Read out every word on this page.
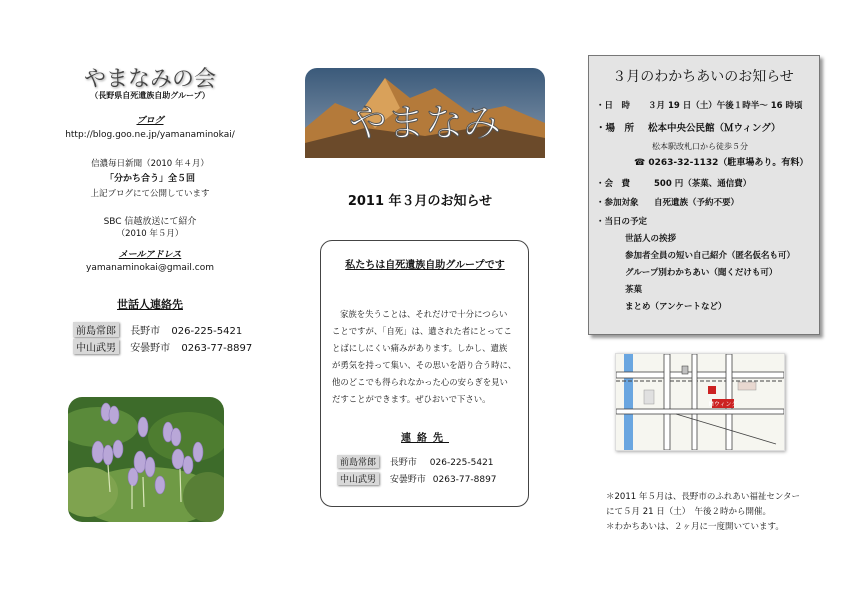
やまなみの会
（長野県自死遺族自助グループ）
ブログ
http://blog.goo.ne.jp/yamanaminokai/
信濃毎日新聞（2010 年４月）
「分かち合う」全５回
上記ブログにて公開しています
SBC 信越放送にて紹介
（2010 年５月）
メールアドレス
yamanaminokai@gmail.com
世話人連絡先
前島常郎 長野市 026-225-5421
中山武男 安曇野市 0263-77-8897
やまなみ
2011 年３月のお知らせ
私たちは自死遺族自助グループです
家族を失うことは、それだけで十分につらい
ことですが、「自死」は、遺された者にとってこ
とばにしにくい痛みがあります。しかし、遺族
が勇気を持って集い、その思いを語り合う時に、
他のどこでも得られなかった心の安らぎを見い
だすことができます。ぜひおいで下さい。
連絡先
前島常郎 長野市 026-225-5421
中山武男 安曇野市 0263-77-8897
３月のわかちあいのお知らせ
・日　時 ３月 19 日（土）午後１時半～ 16 時頃
・場　所 松本中央公民館（Ｍウィング）
松本駅改札口から徒歩５分
☎ 0263-32-1132（駐車場あり。有料）
・会　費	500 円（茶菓、通信費）
・参加対象 自死遺族（予約不要）
・当日の予定
世話人の挨拶
参加者全員の短い自己紹介（匿名仮名も可）
グループ別わかちあい（聞くだけも可）
茶菓
まとめ（アンケートなど）
Mウィング
＊2011 年５月は、長野市のふれあい福祉センター
にて５月 21 日（土）　午後２時から開催。
＊わかちあいは、２ヶ月に一度開いています。
